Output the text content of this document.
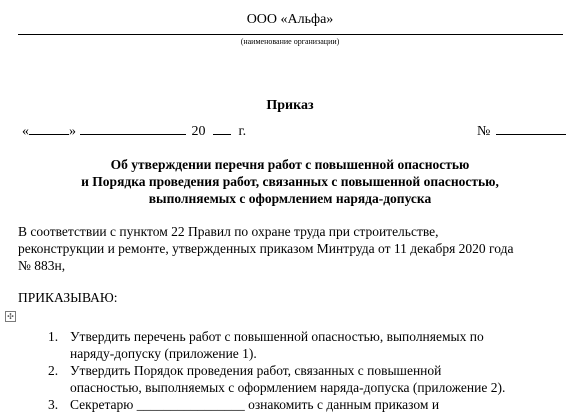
ООО «Альфа»
(наименование организации)
Приказ
«	»	20 г.	№
Об утверждении перечня работ с повышенной опасностью
и Порядка проведения работ, связанных с повышенной опасностью,
выполняемых с оформлением наряда-допуска
В соответствии с пунктом 22 Правил по охране труда при строительстве,
реконструкции и ремонте, утвержденных приказом Минтруда от 11 декабря 2020 года
№ 883н,
ПРИКАЗЫВАЮ:
✣
1. Утвердить перечень работ с повышенной опасностью, выполняемых по
наряду-допуску (приложение 1).
2. Утвердить Порядок проведения работ, связанных с повышенной
опасностью, выполняемых с оформлением наряда-допуска (приложение 2).
3. Секретарю ________________ ознакомить с данным приказом и
